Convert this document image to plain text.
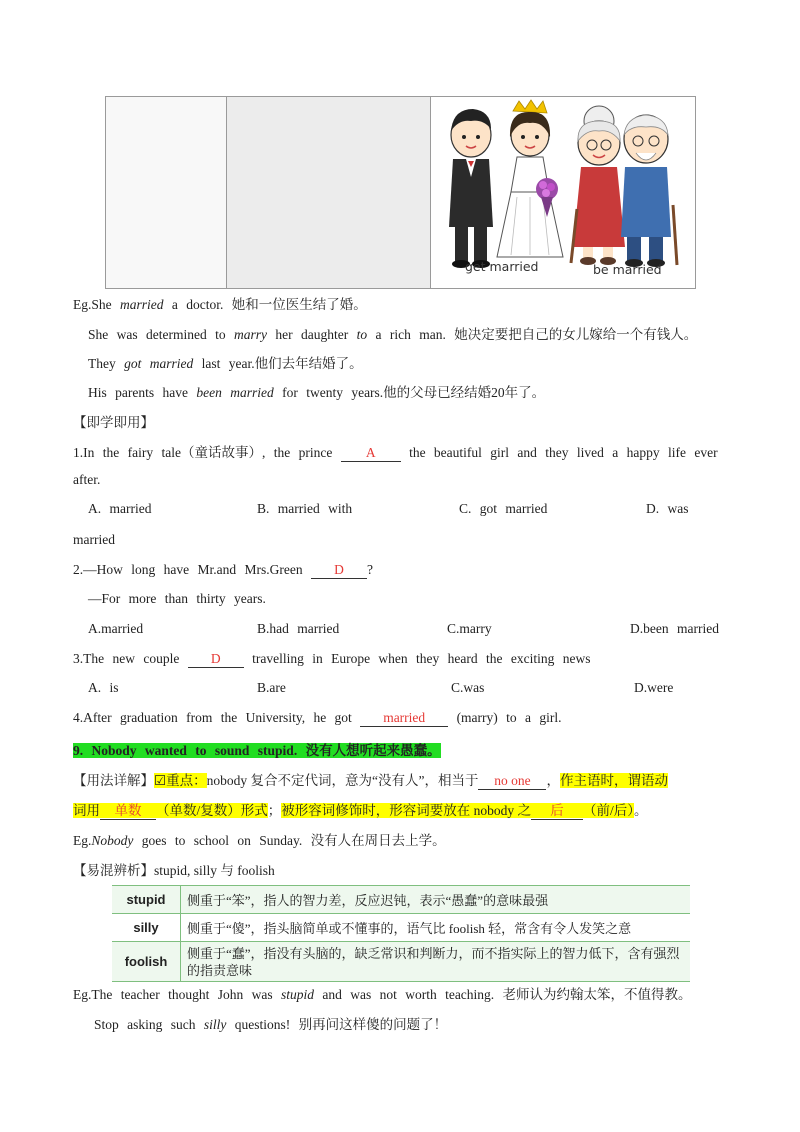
get married	be married
Eg.She married a doctor. 她和一位医生结了婚。
She was determined to marry her daughter to a rich man. 她决定要把自己的女儿嫁给一个有钱人。
They got married last year.他们去年结婚了。
His parents have been married for twenty years.他的父母已经结婚20年了。
【即学即用】
1.In the fairy tale（童话故事）, the prince A the beautiful girl and they lived a happy life ever
after.
A. married	B. married with	C. got married	D. was
married
2.—How long have Mr.and Mrs.Green D ?
—For more than thirty years.
A.married	B.had married	C.marry	D.been married
3.The new couple D travelling in Europe when they heard the exciting news
A. is	B.are	C.was	D.were
4.After graduation from the University, he got married (marry) to a girl.
9. Nobody wanted to sound stupid. 没有人想听起来愚蠢。
【用法详解】☑重点：nobody 复合不定代词，意为“没有人”，相当于 no one ，作主语时，谓语动
词用 单数 （单数/复数）形式；被形容词修饰时，形容词要放在 nobody 之 后 （前/后）。
Eg.Nobody goes to school on Sunday. 没有人在周日去上学。
【易混辨析】stupid, silly 与 foolish
stupid	侧重于“笨”，指人的智力差，反应迟钝，表示“愚蠢”的意味最强
silly	侧重于“傻”，指头脑简单或不懂事的，语气比 foolish 轻，常含有令人发笑之意
foolish	侧重于“蠢”，指没有头脑的，缺乏常识和判断力，而不指实际上的智力低下，含有强烈的指责意味
Eg.The teacher thought John was stupid and was not worth teaching. 老师认为约翰太笨，不值得教。
Stop asking such silly questions! 别再问这样傻的问题了！
